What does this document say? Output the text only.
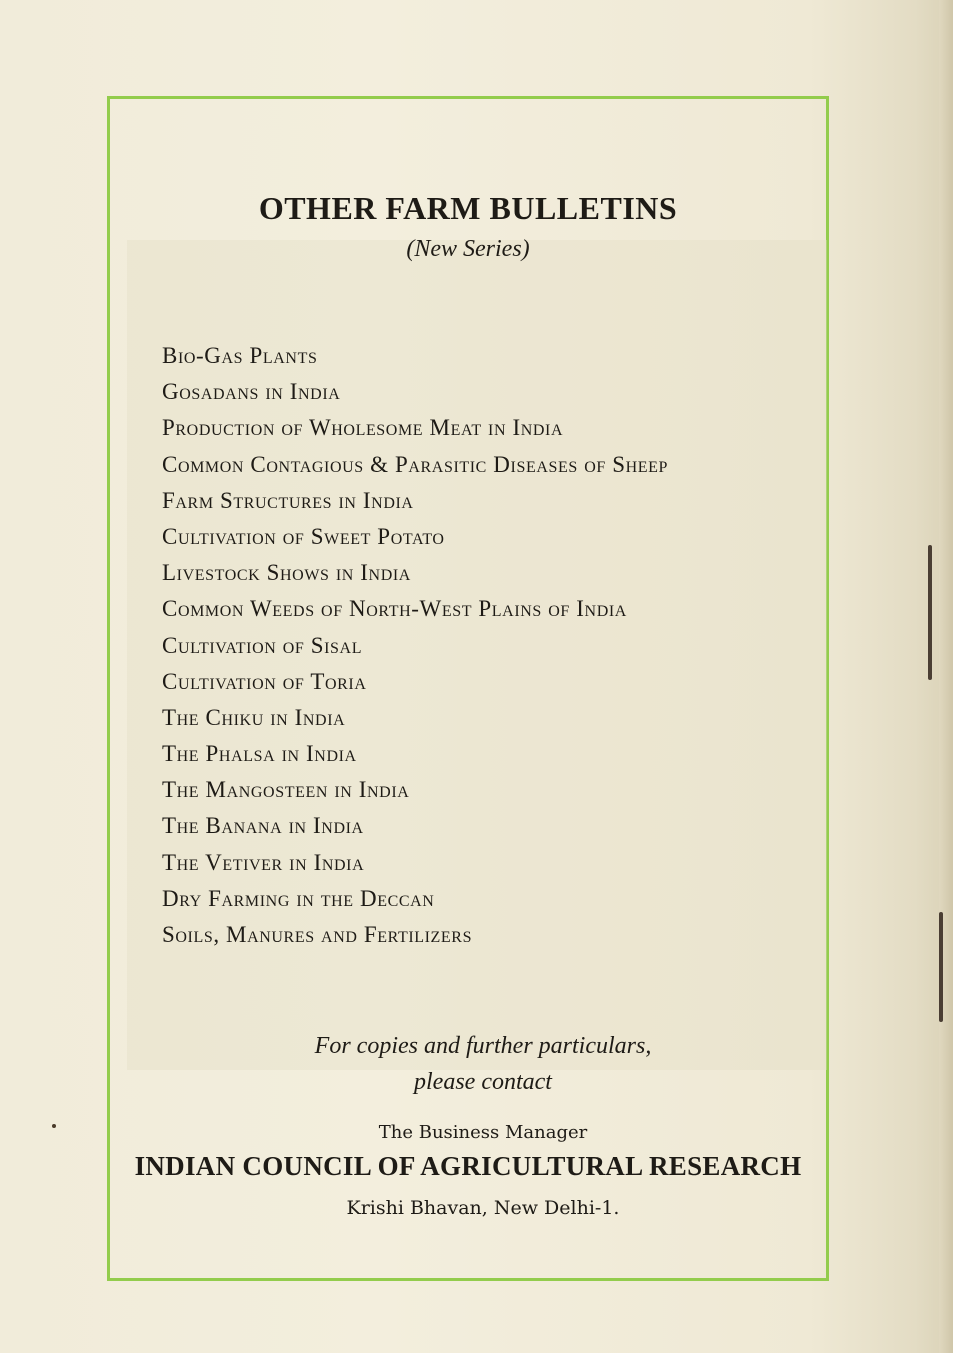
OTHER FARM BULLETINS

(New Series)

Bio-Gas Plants
Gosadans in India
Production of Wholesome Meat in India
Common Contagious & Parasitic Diseases of Sheep
Farm Structures in India
Cultivation of Sweet Potato
Livestock Shows in India
Common Weeds of North-West Plains of India
Cultivation of Sisal
Cultivation of Toria
The Chiku in India
The Phalsa in India
The Mangosteen in India
The Banana in India
The Vetiver in India
Dry Farming in the Deccan
Soils, Manures and Fertilizers

For copies and further particulars,

please contact

The Business Manager

INDIAN COUNCIL OF AGRICULTURAL RESEARCH

Krishi Bhavan, New Delhi-1.
